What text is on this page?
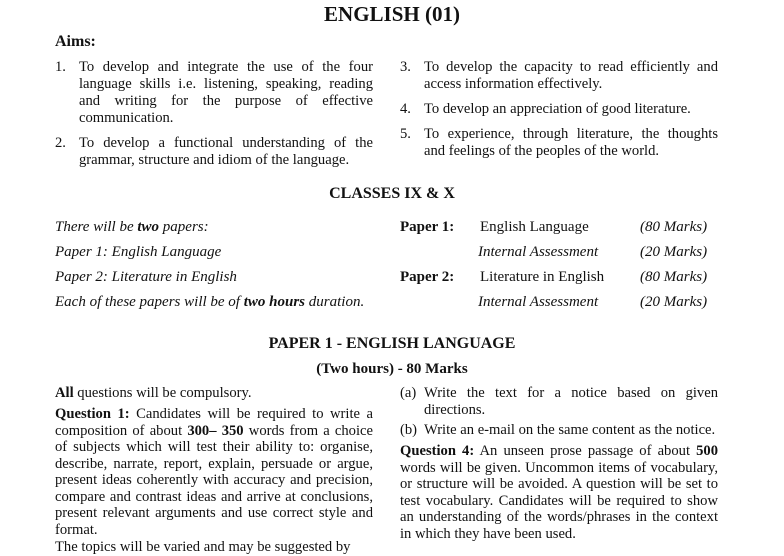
ENGLISH (01)
Aims:
1. To develop and integrate the use of the four language skills i.e. listening, speaking, reading and writing for the purpose of effective communication.
2. To develop a functional understanding of the grammar, structure and idiom of the language.
3. To develop the capacity to read efficiently and access information effectively.
4. To develop an appreciation of good literature.
5. To experience, through literature, the thoughts and feelings of the peoples of the world.
CLASSES IX & X
There will be two papers:
Paper 1: English Language
Paper 2: Literature in English
Each of these papers will be of two hours duration.
Paper 1: English Language	(80 Marks)
Internal Assessment	(20 Marks)
Paper 2: Literature in English (80 Marks)
Internal Assessment	(20 Marks)
PAPER 1 - ENGLISH LANGUAGE
(Two hours) - 80 Marks
All questions will be compulsory.
Question 1: Candidates will be required to write a composition of about 300– 350 words from a choice of subjects which will test their ability to: organise, describe, narrate, report, explain, persuade or argue, present ideas coherently with accuracy and precision, compare and contrast ideas and arrive at conclusions, present relevant arguments and use correct style and format.
The topics will be varied and may be suggested by
(a) Write the text for a notice based on given directions.
(b) Write an e-mail on the same content as the notice.
Question 4: An unseen prose passage of about 500 words will be given. Uncommon items of vocabulary, or structure will be avoided. A question will be set to test vocabulary. Candidates will be required to show an understanding of the words/phrases in the context in which they have been used.
